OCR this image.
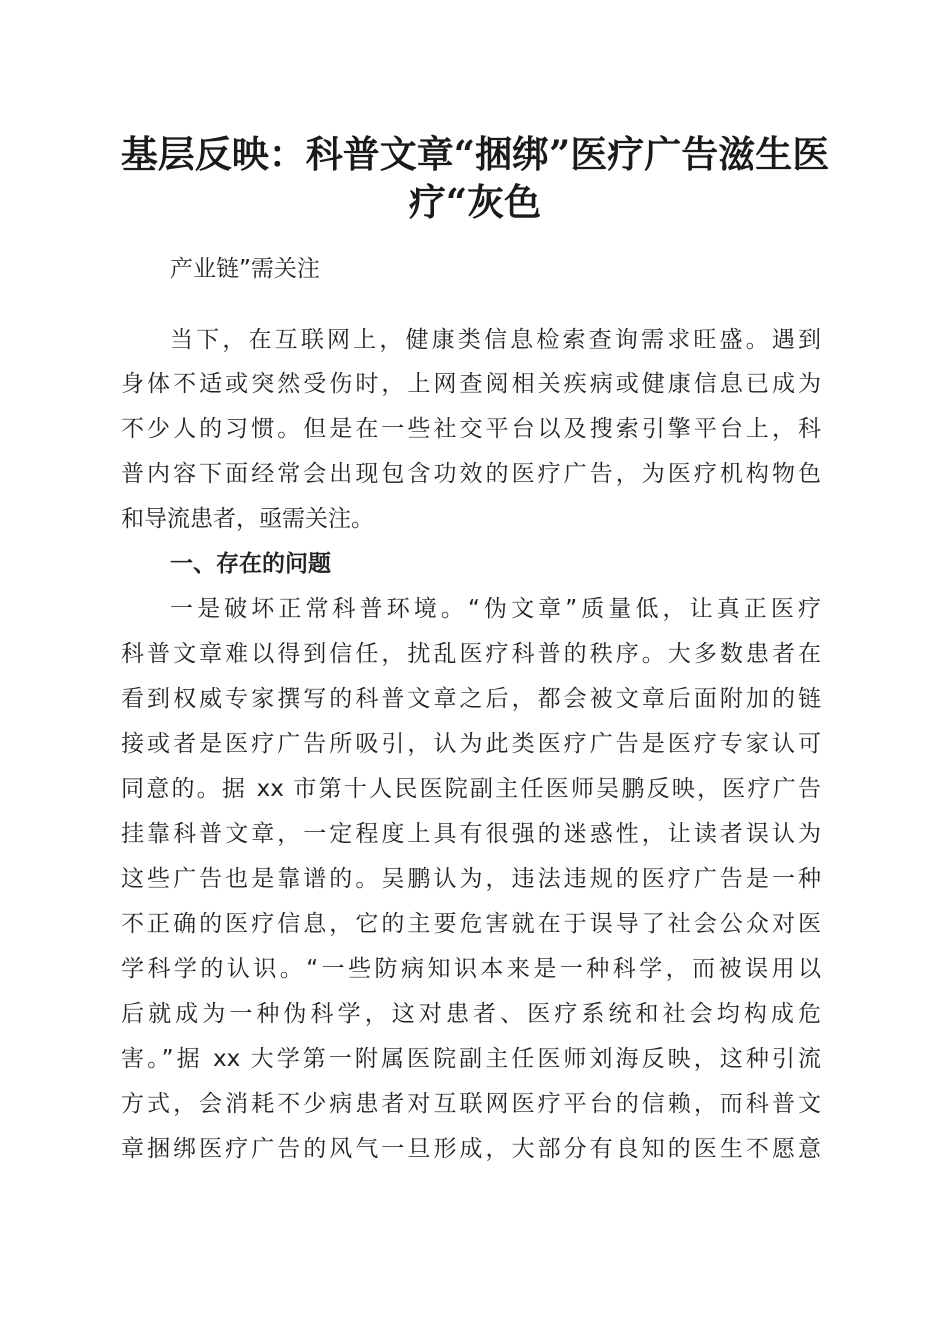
基层反映：科普文章“捆绑”医疗广告滋生医
疗“灰色
产业链”需关注
当下，在互联网上，健康类信息检索查询需求旺盛。遇到
身体不适或突然受伤时，上网查阅相关疾病或健康信息已成为
不少人的习惯。但是在一些社交平台以及搜索引擎平台上，科
普内容下面经常会出现包含功效的医疗广告，为医疗机构物色
和导流患者，亟需关注。
一、存在的问题
一是破坏正常科普环境。“伪文章”质量低，让真正医疗
科普文章难以得到信任，扰乱医疗科普的秩序。大多数患者在
看到权威专家撰写的科普文章之后，都会被文章后面附加的链
接或者是医疗广告所吸引，认为此类医疗广告是医疗专家认可
同意的。据 xx 市第十人民医院副主任医师吴鹏反映，医疗广告
挂靠科普文章，一定程度上具有很强的迷惑性，让读者误认为
这些广告也是靠谱的。吴鹏认为，违法违规的医疗广告是一种
不正确的医疗信息，它的主要危害就在于误导了社会公众对医
学科学的认识。“一些防病知识本来是一种科学，而被误用以
后就成为一种伪科学，这对患者、医疗系统和社会均构成危
害。”据 xx 大学第一附属医院副主任医师刘海反映，这种引流
方式，会消耗不少病患者对互联网医疗平台的信赖，而科普文
章捆绑医疗广告的风气一旦形成，大部分有良知的医生不愿意
